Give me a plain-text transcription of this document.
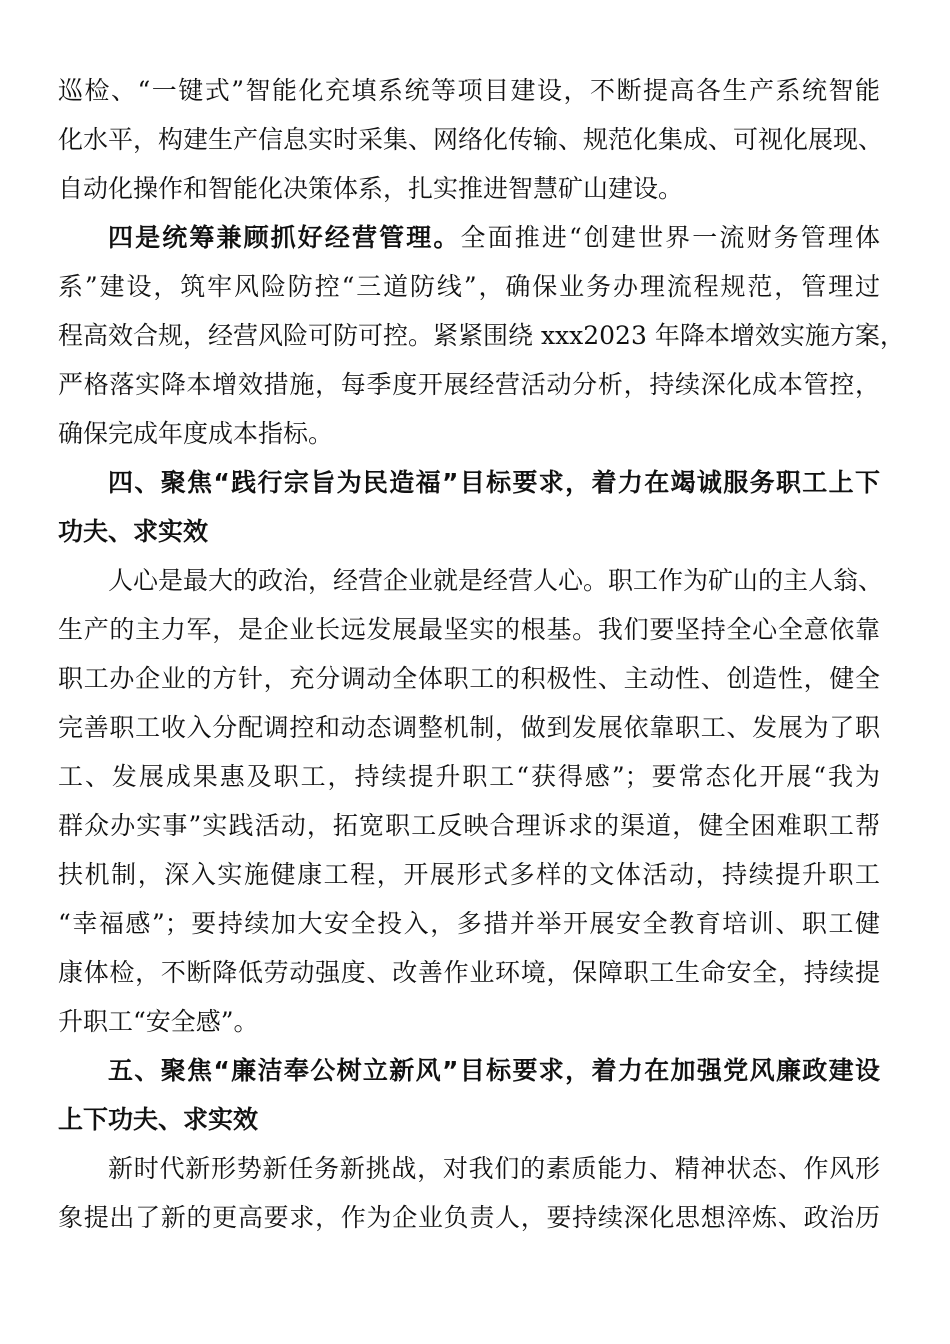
巡检、“一键式”智能化充填系统等项目建设，不断提高各生产系统智能
化水平，构建生产信息实时采集、网络化传输、规范化集成、可视化展现、
自动化操作和智能化决策体系，扎实推进智慧矿山建设。
四是统筹兼顾抓好经营管理。全面推进“创建世界一流财务管理体
系”建设，筑牢风险防控“三道防线”，确保业务办理流程规范，管理过
程高效合规，经营风险可防可控。紧紧围绕 xxx2023 年降本增效实施方案，
严格落实降本增效措施，每季度开展经营活动分析，持续深化成本管控，
确保完成年度成本指标。
四、聚焦“践行宗旨为民造福”目标要求，着力在竭诚服务职工上下
功夫、求实效
人心是最大的政治，经营企业就是经营人心。职工作为矿山的主人翁、
生产的主力军，是企业长远发展最坚实的根基。我们要坚持全心全意依靠
职工办企业的方针，充分调动全体职工的积极性、主动性、创造性，健全
完善职工收入分配调控和动态调整机制，做到发展依靠职工、发展为了职
工、发展成果惠及职工，持续提升职工“获得感”；要常态化开展“我为
群众办实事”实践活动，拓宽职工反映合理诉求的渠道，健全困难职工帮
扶机制，深入实施健康工程，开展形式多样的文体活动，持续提升职工
“幸福感”；要持续加大安全投入，多措并举开展安全教育培训、职工健
康体检，不断降低劳动强度、改善作业环境，保障职工生命安全，持续提
升职工“安全感”。
五、聚焦“廉洁奉公树立新风”目标要求，着力在加强党风廉政建设
上下功夫、求实效
新时代新形势新任务新挑战，对我们的素质能力、精神状态、作风形
象提出了新的更高要求，作为企业负责人，要持续深化思想淬炼、政治历
